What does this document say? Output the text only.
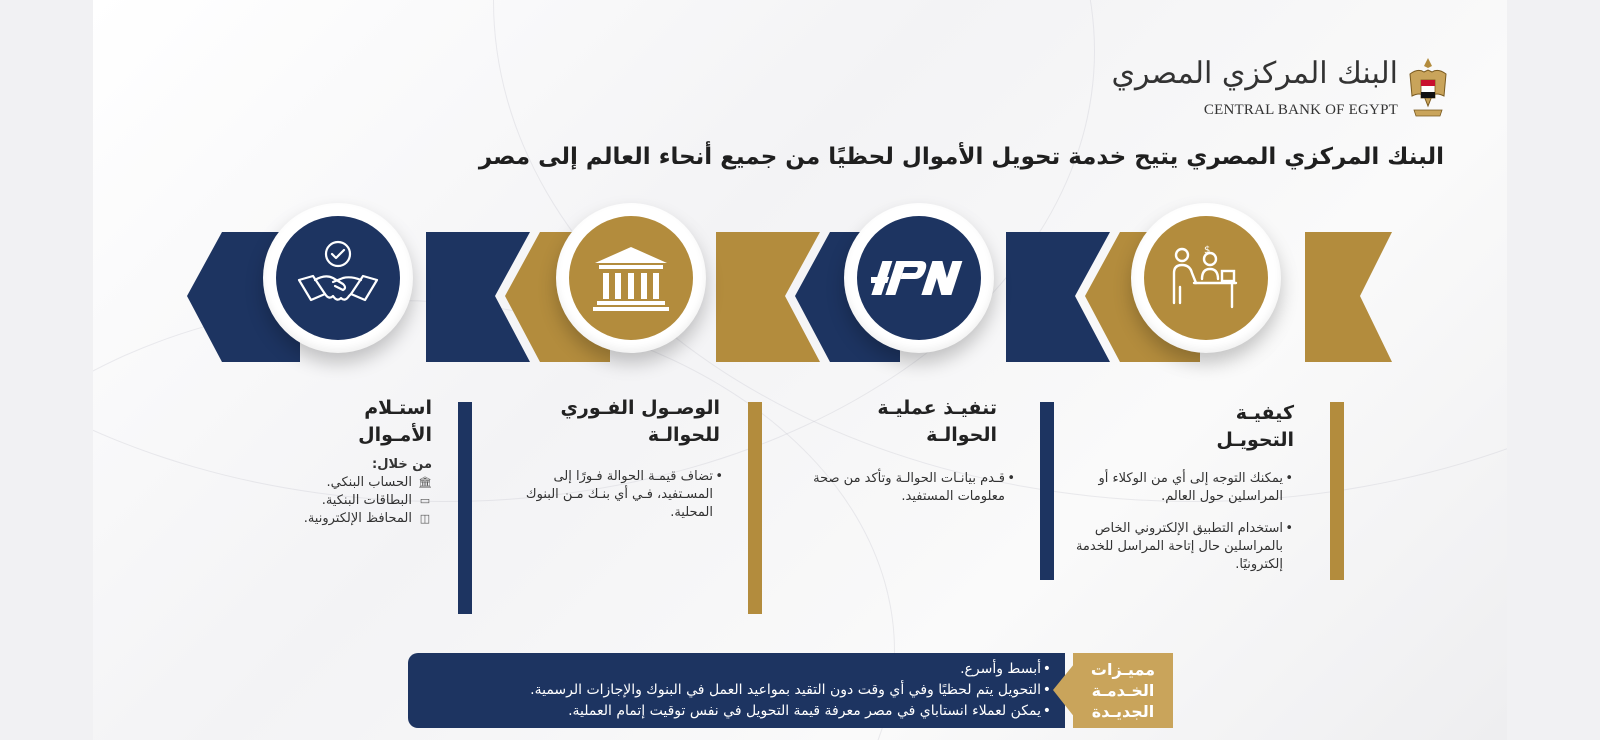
البنك المركزي المصري
CENTRAL BANK OF EGYPT
البنك المركزي المصري يتيح خدمة تحويل الأموال لحظيًا من جميع أنحاء العالم إلى مصر
$
كيفيـة
التحويـل
• يمكنك التوجه إلى أي من الوكلاء أو المراسلين حول العالم.
• استخدام التطبيق الإلكتروني الخاص بالمراسلين حال إتاحة المراسل للخدمة إلكترونيًا.
تنفيـذ عمليـة
الحوالـة
• قـدم بيانـات الحوالـة وتأكد من صحة معلومات المستفيد.
الوصـول الفـوري
للحوالـة
• تضاف قيمـة الحوالة فـورًا إلى المسـتفيد، فـي أي بنـك مـن البنوك المحلية.
استـلام
الأمـوال
من خلال:
🏛
الحساب البنكي.
▭
البطاقات البنكية.
◫
المحافظ الإلكترونية.
• أبسط وأسرع.
• التحويل يتم لحظيًا وفي أي وقت دون التقيد بمواعيد العمل في البنوك والإجازات الرسمية.
• يمكن لعملاء انستاباي في مصر معرفة قيمة التحويل في نفس توقيت إتمام العملية.
مميـزات
الخـدمـة
الجديـدة
